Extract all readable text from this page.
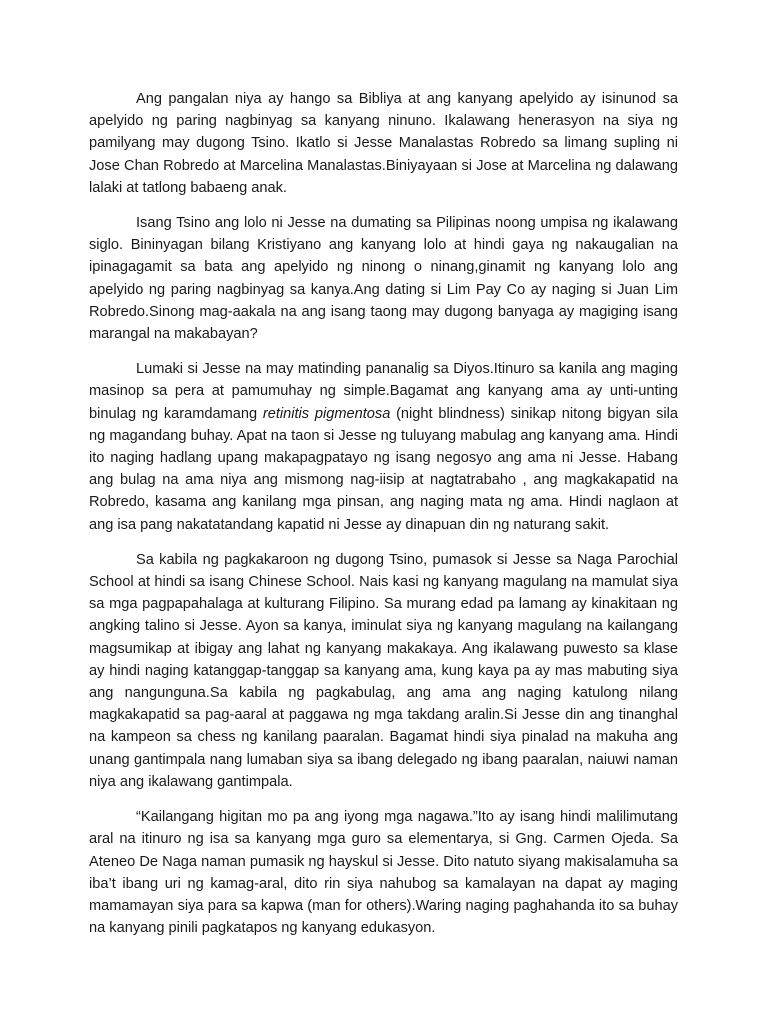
Ang pangalan niya ay hango sa Bibliya at ang kanyang apelyido ay isinunod sa apelyido ng paring nagbinyag sa kanyang ninuno. Ikalawang henerasyon na siya ng pamilyang may dugong Tsino. Ikatlo si Jesse Manalastas Robredo sa limang supling ni Jose Chan Robredo at Marcelina Manalastas.Biniyayaan si Jose at Marcelina ng dalawang lalaki at tatlong babaeng anak.

Isang Tsino ang lolo ni Jesse na dumating sa Pilipinas noong umpisa ng ikalawang siglo. Bininyagan bilang Kristiyano ang kanyang lolo at hindi gaya ng nakaugalian na ipinagagamit sa bata ang apelyido ng ninong o ninang,ginamit ng kanyang lolo ang apelyido ng paring nagbinyag sa kanya.Ang dating si Lim Pay Co ay naging si Juan Lim Robredo.Sinong mag-aakala na ang isang taong may dugong banyaga ay magiging isang marangal na makabayan?

Lumaki si Jesse na may matinding pananalig sa Diyos.Itinuro sa kanila ang maging masinop sa pera at pamumuhay ng simple.Bagamat ang kanyang ama ay unti-unting binulag ng karamdamang retinitis pigmentosa (night blindness) sinikap nitong bigyan sila ng magandang buhay. Apat na taon si Jesse ng tuluyang mabulag ang kanyang ama. Hindi ito naging hadlang upang makapagpatayo ng isang negosyo ang ama ni Jesse. Habang ang bulag na ama niya ang mismong nag-iisip at nagtatrabaho , ang magkakapatid na Robredo, kasama ang kanilang mga pinsan, ang naging mata ng ama. Hindi naglaon at ang isa pang nakatatandang kapatid ni Jesse ay dinapuan din ng naturang sakit.

Sa kabila ng pagkakaroon ng dugong Tsino, pumasok si Jesse sa Naga Parochial School at hindi sa isang Chinese School. Nais kasi ng kanyang magulang na mamulat siya sa mga pagpapahalaga at kulturang Filipino. Sa murang edad pa lamang ay kinakitaan ng angking talino si Jesse. Ayon sa kanya, iminulat siya ng kanyang magulang na kailangang magsumikap at ibigay ang lahat ng kanyang makakaya. Ang ikalawang puwesto sa klase ay hindi naging katanggap-tanggap sa kanyang ama, kung kaya pa ay mas mabuting siya ang nangunguna.Sa kabila ng pagkabulag, ang ama ang naging katulong nilang magkakapatid sa pag-aaral at paggawa ng mga takdang aralin.Si Jesse din ang tinanghal na kampeon sa chess ng kanilang paaralan. Bagamat hindi siya pinalad na makuha ang unang gantimpala nang lumaban siya sa ibang delegado ng ibang paaralan, naiuwi naman niya ang ikalawang gantimpala.

“Kailangang higitan mo pa ang iyong mga nagawa.”Ito ay isang hindi malilimutang aral na itinuro ng isa sa kanyang mga guro sa elementarya, si Gng. Carmen Ojeda. Sa Ateneo De Naga naman pumasik ng hayskul si Jesse. Dito natuto siyang makisalamuha sa iba’t ibang uri ng kamag-aral, dito rin siya nahubog sa kamalayan na dapat ay maging mamamayan siya para sa kapwa (man for others).Waring naging paghahanda ito sa buhay na kanyang pinili pagkatapos ng kanyang edukasyon.
